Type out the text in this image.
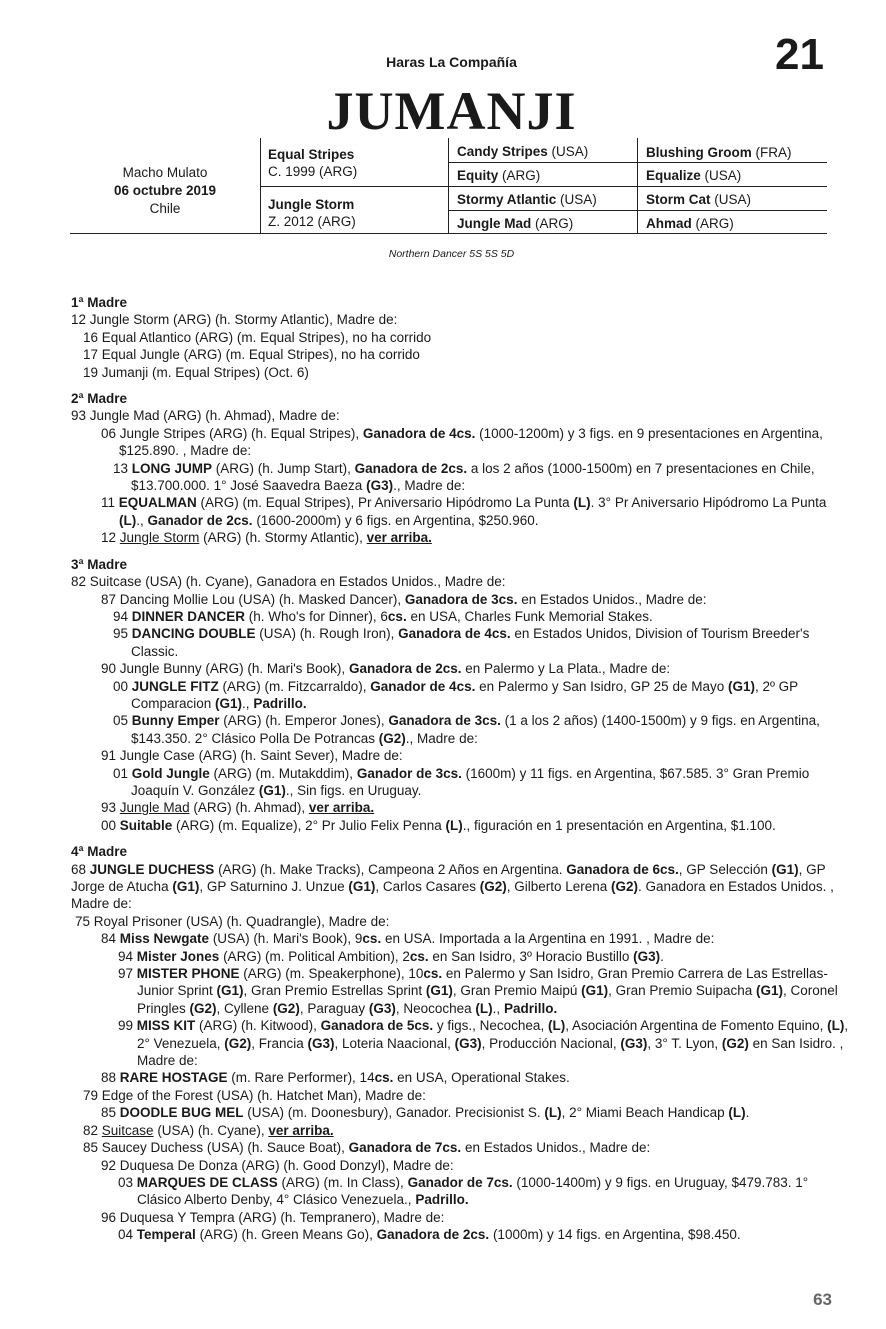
Haras La Compañía	21
JUMANJI
Macho Mulato
06 octubre 2019
Chile
Equal Stripes
C. 1999 (ARG)
Jungle Storm
Z. 2012 (ARG)
Candy Stripes (USA)
Equity (ARG)
Stormy Atlantic (USA)
Jungle Mad (ARG)
Blushing Groom (FRA)
Equalize (USA)
Storm Cat (USA)
Ahmad (ARG)
Northern Dancer 5S 5S 5D
1ª Madre
12 Jungle Storm (ARG) (h. Stormy Atlantic), Madre de:
16 Equal Atlantico (ARG) (m. Equal Stripes), no ha corrido
17 Equal Jungle (ARG) (m. Equal Stripes), no ha corrido
19 Jumanji (m. Equal Stripes) (Oct. 6)
2ª Madre
93 Jungle Mad (ARG) (h. Ahmad), Madre de:
06 Jungle Stripes (ARG) (h. Equal Stripes), Ganadora de 4cs. (1000-1200m) y 3 figs. en 9 presentaciones en Argentina, $125.890. , Madre de:
13 LONG JUMP (ARG) (h. Jump Start), Ganadora de 2cs. a los 2 años (1000-1500m) en 7 presentaciones en Chile, $13.700.000. 1° José Saavedra Baeza (G3)., Madre de:
11 EQUALMAN (ARG) (m. Equal Stripes), Pr Aniversario Hipódromo La Punta (L). 3° Pr Aniversario Hipódromo La Punta (L)., Ganador de 2cs. (1600-2000m) y 6 figs. en Argentina, $250.960.
12 Jungle Storm (ARG) (h. Stormy Atlantic), ver arriba.
3ª Madre
82 Suitcase (USA) (h. Cyane), Ganadora en Estados Unidos., Madre de:
87 Dancing Mollie Lou (USA) (h. Masked Dancer), Ganadora de 3cs. en Estados Unidos., Madre de:
94 DINNER DANCER (h. Who's for Dinner), 6cs. en USA, Charles Funk Memorial Stakes.
95 DANCING DOUBLE (USA) (h. Rough Iron), Ganadora de 4cs. en Estados Unidos, Division of Tourism Breeder's Classic.
90 Jungle Bunny (ARG) (h. Mari's Book), Ganadora de 2cs. en Palermo y La Plata., Madre de:
00 JUNGLE FITZ (ARG) (m. Fitzcarraldo), Ganador de 4cs. en Palermo y San Isidro, GP 25 de Mayo (G1), 2º GP Comparacion (G1)., Padrillo.
05 Bunny Emper (ARG) (h. Emperor Jones), Ganadora de 3cs. (1 a los 2 años) (1400-1500m) y 9 figs. en Argentina, $143.350. 2° Clásico Polla De Potrancas (G2)., Madre de:
91 Jungle Case (ARG) (h. Saint Sever), Madre de:
01 Gold Jungle (ARG) (m. Mutakddim), Ganador de 3cs. (1600m) y 11 figs. en Argentina, $67.585. 3° Gran Premio Joaquín V. González (G1)., Sin figs. en Uruguay.
93 Jungle Mad (ARG) (h. Ahmad), ver arriba.
00 Suitable (ARG) (m. Equalize), 2° Pr Julio Felix Penna (L)., figuración en 1 presentación en Argentina, $1.100.
4ª Madre
68 JUNGLE DUCHESS (ARG) (h. Make Tracks), Campeona 2 Años en Argentina. Ganadora de 6cs., GP Selección (G1), GP Jorge de Atucha (G1), GP Saturnino J. Unzue (G1), Carlos Casares (G2), Gilberto Lerena (G2). Ganadora en Estados Unidos. , Madre de:
75 Royal Prisoner (USA) (h. Quadrangle), Madre de:
84 Miss Newgate (USA) (h. Mari's Book), 9cs. en USA. Importada a la Argentina en 1991. , Madre de:
94 Mister Jones (ARG) (m. Political Ambition), 2cs. en San Isidro, 3º Horacio Bustillo (G3).
97 MISTER PHONE (ARG) (m. Speakerphone), 10cs. en Palermo y San Isidro, Gran Premio Carrera de Las Estrellas-Junior Sprint (G1), Gran Premio Estrellas Sprint (G1), Gran Premio Maipú (G1), Gran Premio Suipacha (G1), Coronel Pringles (G2), Cyllene (G2), Paraguay (G3), Neocochea (L)., Padrillo.
99 MISS KIT (ARG) (h. Kitwood), Ganadora de 5cs. y figs., Necochea, (L), Asociación Argentina de Fomento Equino, (L), 2° Venezuela, (G2), Francia (G3), Loteria Naacional, (G3), Producción Nacional, (G3), 3° T. Lyon, (G2) en San Isidro. , Madre de:
88 RARE HOSTAGE (m. Rare Performer), 14cs. en USA, Operational Stakes.
79 Edge of the Forest (USA) (h. Hatchet Man), Madre de:
85 DOODLE BUG MEL (USA) (m. Doonesbury), Ganador. Precisionist S. (L), 2° Miami Beach Handicap (L).
82 Suitcase (USA) (h. Cyane), ver arriba.
85 Saucey Duchess (USA) (h. Sauce Boat), Ganadora de 7cs. en Estados Unidos., Madre de:
92 Duquesa De Donza (ARG) (h. Good Donzyl), Madre de:
03 MARQUES DE CLASS (ARG) (m. In Class), Ganador de 7cs. (1000-1400m) y 9 figs. en Uruguay, $479.783. 1° Clásico Alberto Denby, 4° Clásico Venezuela., Padrillo.
96 Duquesa Y Tempra (ARG) (h. Tempranero), Madre de:
04 Temperal (ARG) (h. Green Means Go), Ganadora de 2cs. (1000m) y 14 figs. en Argentina, $98.450.
63
